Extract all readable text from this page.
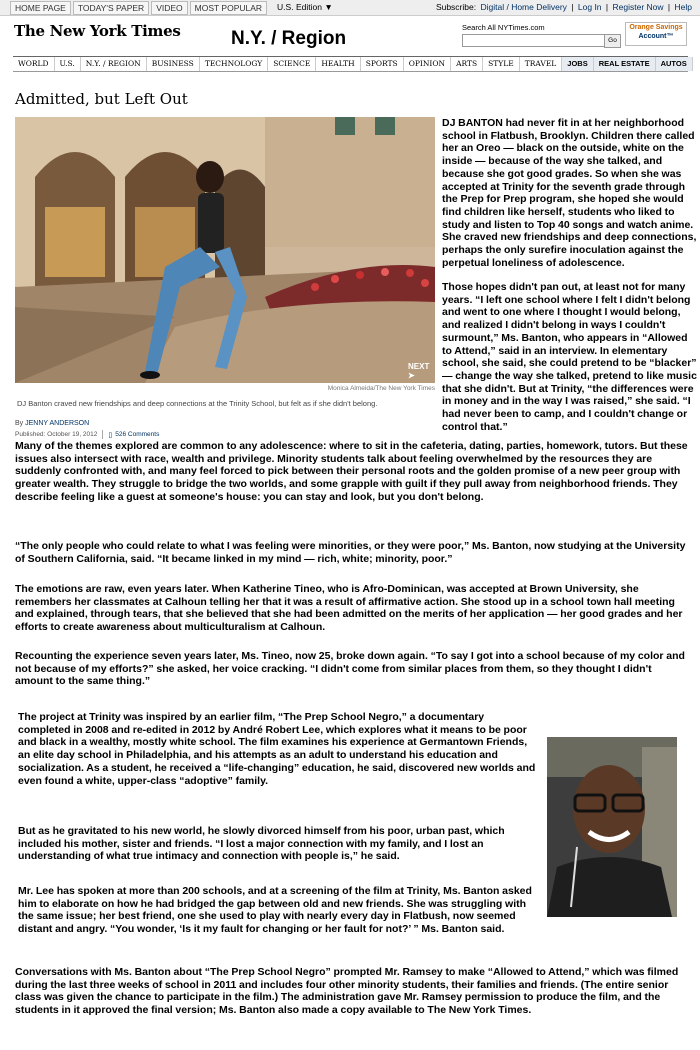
HOME PAGE	TODAY'S PAPER	VIDEO	MOST POPULAR	U.S. Edition ▼	Subscribe: Digital / Home Delivery | Log In | Register Now | Help
The New York Times	N.Y. / Region
Search All NYTimes.com
Go
Orange Savings
Account™
WORLD	U.S.	N.Y. / REGION	BUSINESS	TECHNOLOGY	SCIENCE	HEALTH	SPORTS	OPINION	ARTS	STYLE	TRAVEL	JOBS	REAL ESTATE	AUTOS
Admitted, but Left Out
NEXT ➤
Monica Almeida/The New York Times
DJ Banton craved new friendships and deep connections at the Trinity School, but felt as if she didn't belong.
By JENNY ANDERSON
Published: October 19, 2012 ▯ 526 Comments

DJ BANTON had never fit in at her neighborhood school in Flatbush, Brooklyn. Children there called her an Oreo — black on the outside, white on the inside — because of the way she talked, and because she got good grades. So when she was accepted at Trinity for the seventh grade through the Prep for Prep program, she hoped she would find children like herself, students who liked to study and listen to Top 40 songs and watch anime. She craved new friendships and deep connections, perhaps the only surefire inoculation against the perpetual loneliness of adolescence.

Those hopes didn't pan out, at least not for many years. “I left one school where I felt I didn't belong and went to one where I thought I would belong, and realized I didn't belong in ways I couldn't surmount,” Ms. Banton, who appears in “Allowed to Attend,” said in an interview. In elementary school, she said, she could pretend to be “blacker” — change the way she talked, pretend to like music that she didn't. But at Trinity, “the differences were in money and in the way I was raised,” she said. “I had never been to camp, and I couldn't change or control that.”

Many of the themes explored are common to any adolescence: where to sit in the cafeteria, dating, parties, homework, tutors. But these issues also intersect with race, wealth and privilege. Minority students talk about feeling overwhelmed by the resources they are suddenly confronted with, and many feel forced to pick between their personal roots and the golden promise of a new peer group with greater wealth. They struggle to bridge the two worlds, and some grapple with guilt if they pull away from neighborhood friends. They describe feeling like a guest at someone's house: you can stay and look, but you don't belong.

“The only people who could relate to what I was feeling were minorities, or they were poor,” Ms. Banton, now studying at the University of Southern California, said. “It became linked in my mind — rich, white; minority, poor.”

The emotions are raw, even years later. When Katherine Tineo, who is Afro-Dominican, was accepted at Brown University, she remembers her classmates at Calhoun telling her that it was a result of affirmative action. She stood up in a school town hall meeting and explained, through tears, that she believed that she had been admitted on the merits of her application — her good grades and her efforts to create awareness about multiculturalism at Calhoun.

Recounting the experience seven years later, Ms. Tineo, now 25, broke down again. “To say I got into a school because of my color and not because of my efforts?” she asked, her voice cracking. “I didn't come from similar places from them, so they thought I didn't amount to the same thing.”

The project at Trinity was inspired by an earlier film, “The Prep School Negro,” a documentary completed in 2008 and re-edited in 2012 by André Robert Lee, which explores what it means to be poor and black in a wealthy, mostly white school. The film examines his experience at Germantown Friends, an elite day school in Philadelphia, and his attempts as an adult to understand his education and socialization. As a student, he received a “life-changing” education, he said, discovered new worlds and even found a white, upper-class “adoptive” family.

But as he gravitated to his new world, he slowly divorced himself from his poor, urban past, which included his mother, sister and friends. “I lost a major connection with my family, and I lost an understanding of what true intimacy and connection with people is,” he said.

Mr. Lee has spoken at more than 200 schools, and at a screening of the film at Trinity, Ms. Banton asked him to elaborate on how he had bridged the gap between old and new friends. She was struggling with the same issue; her best friend, one she used to play with nearly every day in Flatbush, now seemed distant and angry. “You wonder, ‘Is it my fault for changing or her fault for not?’ ” Ms. Banton said.

Conversations with Ms. Banton about “The Prep School Negro” prompted Mr. Ramsey to make “Allowed to Attend,” which was filmed during the last three weeks of school in 2011 and includes four other minority students, their families and friends. (The entire senior class was given the chance to participate in the film.) The administration gave Mr. Ramsey permission to produce the film, and the students in it approved the final version; Ms. Banton also made a copy available to The New York Times.
